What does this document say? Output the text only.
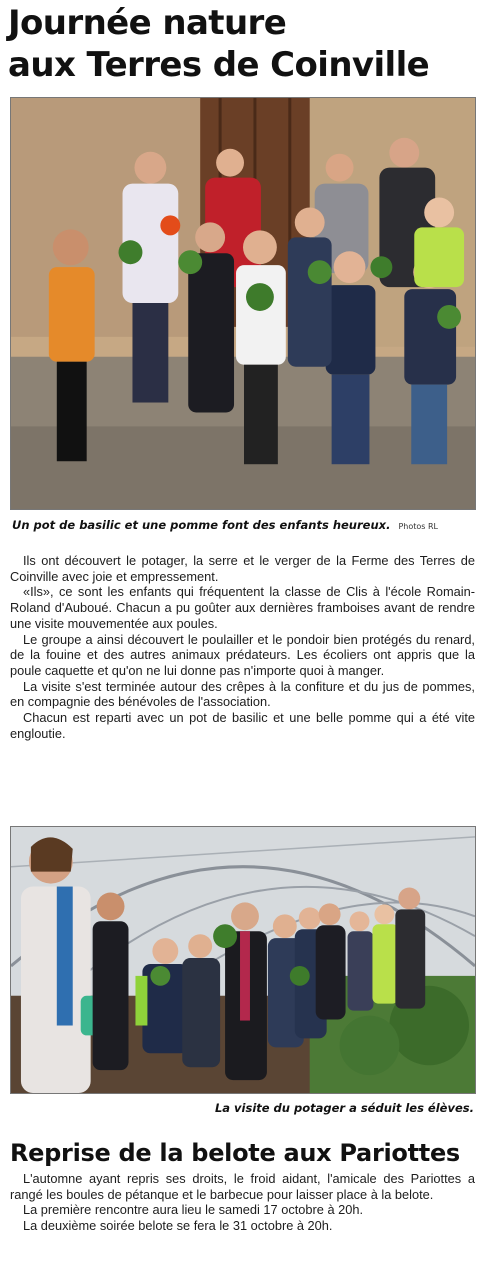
Journée nature
aux Terres de Coinville
Un pot de basilic et une pomme font des enfants heureux. Photos RL

Ils ont découvert le potager, la serre et le verger de la Ferme des Terres de Coinville avec joie et empressement.

«Ils», ce sont les enfants qui fréquentent la classe de Clis à l'école Romain-Roland d'Auboué. Chacun a pu goûter aux dernières framboises avant de rendre une visite mouvementée aux poules.

Le groupe a ainsi découvert le poulailler et le pondoir bien protégés du renard, de la fouine et des autres animaux prédateurs. Les écoliers ont appris que la poule caquette et qu'on ne lui donne pas n'importe quoi à manger.

La visite s'est terminée autour des crêpes à la confiture et du jus de pommes, en compagnie des bénévoles de l'association.

Chacun est reparti avec un pot de basilic et une belle pomme qui a été vite engloutie.

La visite du potager a séduit les élèves.
Reprise de la belote aux Pariottes

L'automne ayant repris ses droits, le froid aidant, l'amicale des Pariottes a rangé les boules de pétanque et le barbecue pour laisser place à la belote.

La première rencontre aura lieu le samedi 17 octobre à 20h.

La deuxième soirée belote se fera le 31 octobre à 20h.
